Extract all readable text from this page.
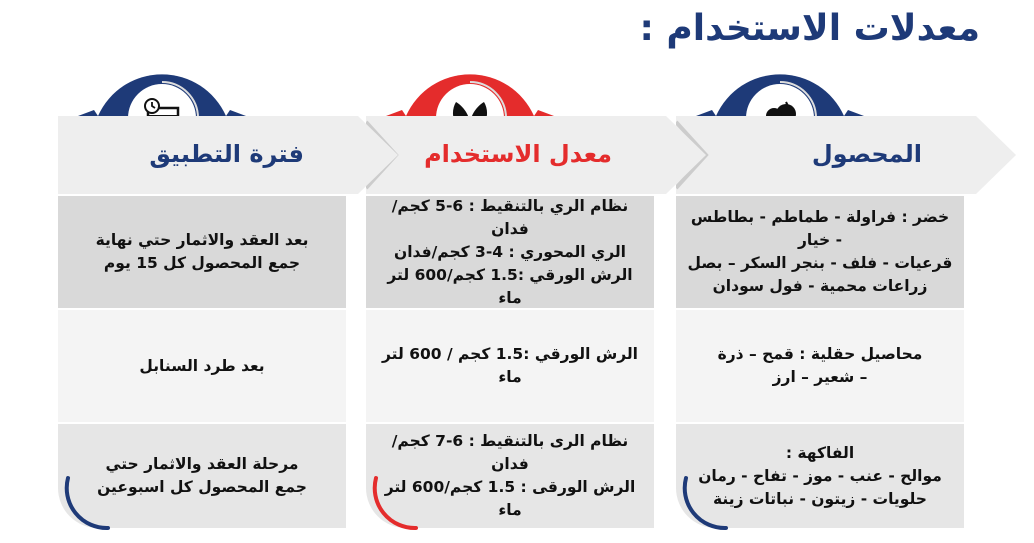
معدلات الاستخدام :
المحصول
خضر : فراولة - طماطم - بطاطس - خيار
قرعيات - فلف - بنجر السكر – بصل
زراعات محمية - فول سودان
محاصيل حقلية : قمح – ذرة
– شعير – ارز
الفاكهة :
موالح - عنب - موز - تفاح - رمان
حلويات - زيتون - نباتات زينة
معدل الاستخدام
نظام الري بالتنقيط : 6-5 كجم/فدان
الري المحوري : 4-3 كجم/فدان
الرش الورقي :1.5 كجم/600 لتر ماء
الرش الورقي :1.5 كجم / 600 لتر ماء
نظام الرى بالتنقيط : 6-7 كجم/ فدان
الرش الورقى : 1.5 كجم/600 لتر ماء
فترة التطبيق
بعد العقد والاثمار حتي نهاية
جمع المحصول كل 15 يوم
بعد طرد السنابل
مرحلة العقد والاثمار حتي
جمع المحصول كل اسبوعين
